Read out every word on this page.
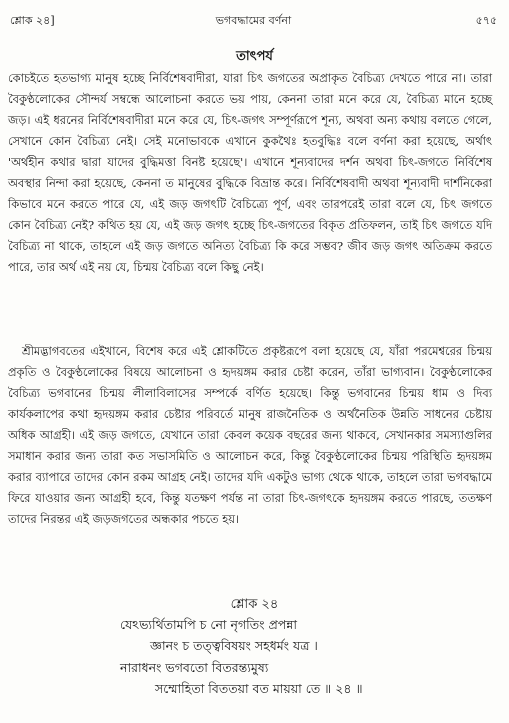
শ্লোক ২৪]	ভগবদ্ধামের বর্ণনা	৫৭৫
তাৎপর্য

কোচইতে হতভাগ্য মানুষ হচ্ছে নির্বিশেষবাদীরা, যারা চিৎ জগতের অপ্রাকৃত বৈচিত্র্য দেখতে পারে না। তারা বৈকুণ্ঠলোকের সৌন্দর্য সম্বন্ধে আলোচনা করতে ভয় পায়, কেননা তারা মনে করে যে, বৈচিত্র্য মানে হচ্ছে জড়। এই ধরনের নির্বিশেষবাদীরা মনে করে যে, চিৎ-জগৎ সম্পূর্ণরূপে শূন্য, অথবা অন্য কথায় বলতে গেলে, সেখানে কোন বৈচিত্র্য নেই। সেই মনোভাবকে এখানে কুকথৈঃ হতবুদ্ধিঃ বলে বর্ণনা করা হয়েছে, অর্থাৎ 'অর্থহীন কথার দ্বারা যাদের বুদ্ধিমত্তা বিনষ্ট হয়েছে'। এখানে শূন্যবাদের দর্শন অথবা চিৎ-জগতে নির্বিশেষ অবস্থার নিন্দা করা হয়েছে, কেননা ত মানুষের বুদ্ধিকে বিভ্রান্ত করে। নির্বিশেষবাদী অথবা শূন্যবাদী দার্শনিকেরা কিভাবে মনে করতে পারে যে, এই জড় জগৎটি বৈচিত্র্যে পূর্ণ, এবং তারপরেই তারা বলে যে, চিৎ জগতে কোন বৈচিত্র্য নেই? কথিত হয় যে, এই জড় জগৎ হচ্ছে চিৎ-জগতের বিকৃত প্রতিফলন, তাই চিৎ জগতে যদি বৈচিত্র্য না থাকে, তাহলে এই জড় জগতে অনিত্য বৈচিত্র্য কি করে সম্ভব? জীব জড় জগৎ অতিক্রম করতে পারে, তার অর্থ এই নয় যে, চিন্ময় বৈচিত্র্য বলে কিছু নেই।

শ্রীমদ্ভাগবতের এইখানে, বিশেষ করে এই শ্লোকটিতে প্রকৃষ্টরূপে বলা হয়েছে যে, যাঁরা পরমেশ্বরের চিন্ময় প্রকৃতি ও বৈকুণ্ঠলোকের বিষয়ে আলোচনা ও হৃদয়ঙ্গম করার চেষ্টা করেন, তাঁরা ভাগ্যবান। বৈকুণ্ঠলোকের বৈচিত্র্য ভগবানের চিন্ময় লীলাবিলাসের সম্পর্কে বর্ণিত হয়েছে। কিন্তু ভগবানের চিন্ময় ধাম ও দিব্য কার্যকলাপের কথা হৃদয়ঙ্গম করার চেষ্টার পরিবর্তে মানুষ রাজনৈতিক ও অর্থনৈতিক উন্নতি সাধনের চেষ্টায় অধিক আগ্রহী। এই জড় জগতে, যেখানে তারা কেবল কয়েক বছরের জন্য থাকবে, সেখানকার সমস্যাগুলির সমাধান করার জন্য তারা কত সভাসমিতি ও আলোচন করে, কিন্তু বৈকুণ্ঠলোকের চিন্ময় পরিস্থিতি হৃদয়ঙ্গম করার ব্যাপারে তাদের কোন রকম আগ্রহ নেই। তাদের যদি একটুও ভাগ্য থেকে থাকে, তাহলে তারা ভগবদ্ধামে ফিরে যাওয়ার জন্য আগ্রহী হবে, কিন্তু যতক্ষণ পর্যন্ত না তারা চিৎ-জগৎকে হৃদয়ঙ্গম করতে পারছে, ততক্ষণ তাদের নিরন্তর এই জড়জগতের অন্ধকার পচতে হয়।

শ্লোক ২৪
যেঽভ্যর্থিতামপি চ নো নৃগতিং প্রপন্না
জ্ঞানং চ তত্ত্ববিষয়ং সহধর্মং যত্র ।
নারাধনং ভগবতো বিতরন্ত্যমুষ্য
সম্মোহিতা বিততয়া বত মায়য়া তে ॥ ২৪ ॥
